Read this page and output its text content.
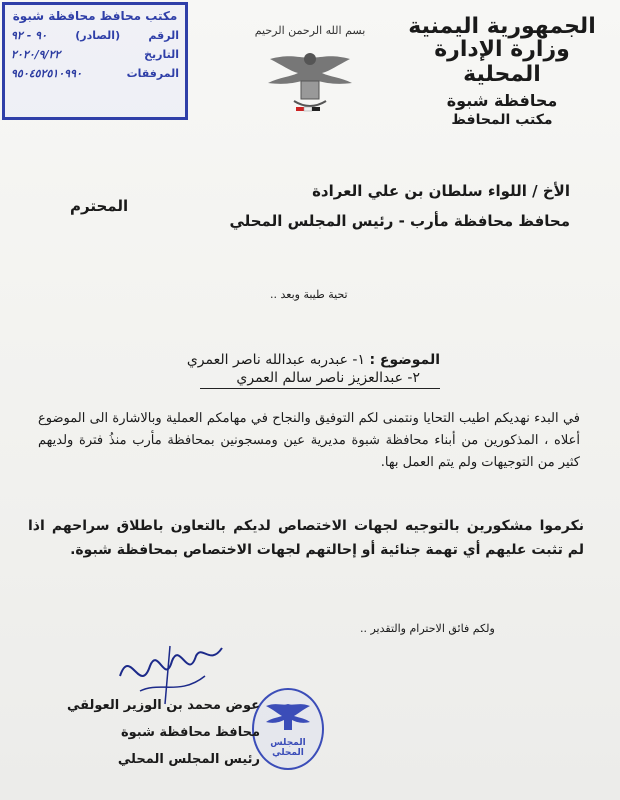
مكتب محافظ محافظة شبوة
الرقم
(الصادر)
٩٠ - ٩٢
التاريخ
٢٠٢٠/٩/٢٢
المرفقات
٩٥٠٤٥٢٥١٠٩٩٠
بسم الله الرحمن الرحيم الجمهورية اليمنية
وزارة الإدارة المحلية
محافظة شبوة
مكتب المحافظ
الأخ / اللواء سلطان بن علي العرادة
محافظ محافظة مأرب - رئيس المجلس المحلي
المحترم
تحية طيبة وبعد ..
الموضوع : ١- عبدربه عبدالله ناصر العمري
٢- عبدالعزيز ناصر سالم العمري
في البدء نهديكم اطيب التحايا ونتمنى لكم التوفيق والنجاح في مهامكم العملية وبالاشارة الى الموضوع أعلاه ، المذكورين من أبناء محافظة شبوة مديرية عين ومسجونين بمحافظة مأرب منذُ فترة ولديهم كثير من التوجيهات ولم يتم العمل بها.
نكرموا مشكورين بالتوجيه لجهات الاختصاص لديكم بالتعاون باطلاق سراحهم اذا لم تثبت عليهم أي تهمة جنائية أو إحالتهم لجهات الاختصاص بمحافظة شبوة.
ولكم فائق الاحترام والتقدير ..
المجلس المحلي
عوض محمد بن الوزير العولقي
محافظ محافظة شبوة
رئيس المجلس المحلي
